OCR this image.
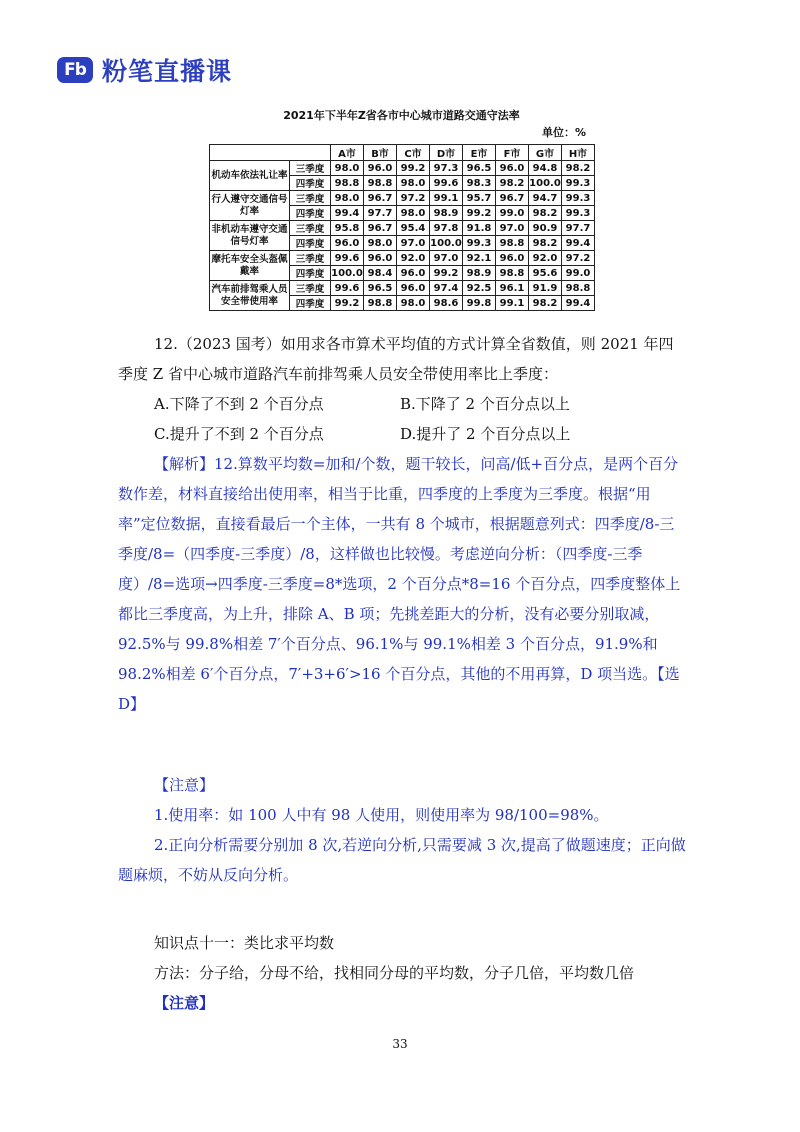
Fb 粉笔直播课
2021年下半年Z省各市中心城市道路交通守法率
单位：%
		A市	B市	C市	D市	E市	F市	G市	H市
机动车依法礼让率	三季度	98.0	96.0	99.2	97.3	96.5	96.0	94.8	98.2
	四季度	98.8	98.8	98.0	99.6	98.3	98.2	100.0	99.3
行人遵守交通信号灯率	三季度	98.0	96.7	97.2	99.1	95.7	96.7	94.7	99.3
	四季度	99.4	97.7	98.0	98.9	99.2	99.0	98.2	99.3
非机动车遵守交通信号灯率	三季度	95.8	96.7	95.4	97.8	91.8	97.0	90.9	97.7
	四季度	96.0	98.0	97.0	100.0	99.3	98.8	98.2	99.4
摩托车安全头盔佩戴率	三季度	99.6	96.0	92.0	97.0	92.1	96.0	92.0	97.2
	四季度	100.0	98.4	96.0	99.2	98.9	98.8	95.6	99.0
汽车前排驾乘人员安全带使用率	三季度	99.6	96.5	96.0	97.4	92.5	96.1	91.9	98.8
	四季度	99.2	98.8	98.0	98.6	99.8	99.1	98.2	99.4

12.（2023 国考）如用求各市算术平均值的方式计算全省数值，则 2021 年四季度 Z 省中心城市道路汽车前排驾乘人员安全带使用率比上季度：

A.下降了不到 2 个百分点	B.下降了 2 个百分点以上
C.提升了不到 2 个百分点	D.提升了 2 个百分点以上

【解析】12.算数平均数=加和/个数，题干较长，问高/低+百分点，是两个百分数作差，材料直接给出使用率，相当于比重，四季度的上季度为三季度。根据“用率”定位数据，直接看最后一个主体，一共有 8 个城市，根据题意列式：四季度/8-三季度/8=（四季度-三季度）/8，这样做也比较慢。考虑逆向分析：（四季度-三季度）/8=选项→四季度-三季度=8*选项，2 个百分点*8=16 个百分点，四季度整体上都比三季度高，为上升，排除 A、B 项；先挑差距大的分析，没有必要分别取减，92.5%与 99.8%相差 7′个百分点、96.1%与 99.1%相差 3 个百分点，91.9%和 98.2%相差 6′个百分点，7′+3+6′>16 个百分点，其他的不用再算，D 项当选。【选 D】

【注意】

1.使用率：如 100 人中有 98 人使用，则使用率为 98/100=98%。

2.正向分析需要分别加 8 次,若逆向分析,只需要减 3 次,提高了做题速度；正向做题麻烦，不妨从反向分析。

知识点十一：类比求平均数

方法：分子给，分母不给，找相同分母的平均数，分子几倍，平均数几倍

【注意】

33
